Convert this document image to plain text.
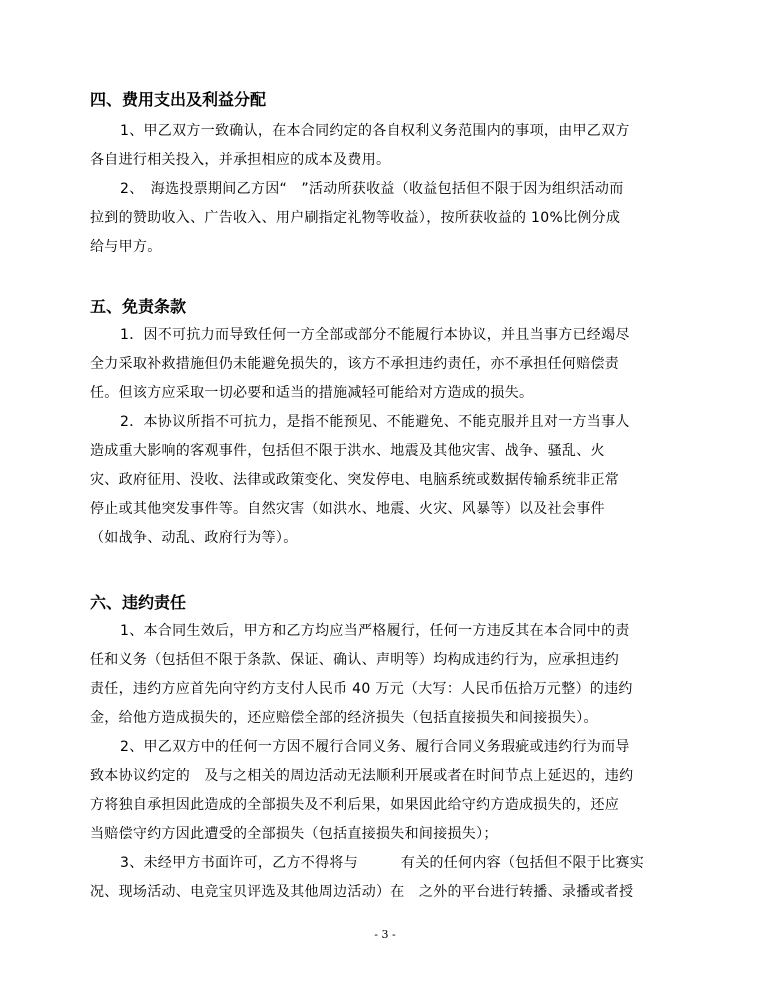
四、费用支出及利益分配
1、甲乙双方一致确认，在本合同约定的各自权利义务范围内的事项，由甲乙双方
各自进行相关投入，并承担相应的成本及费用。
2、　海选投票期间乙方因“　”活动所获收益（收益包括但不限于因为组织活动而
拉到的赞助收入、广告收入、用户刷指定礼物等收益），按所获收益的 10%比例分成
给与甲方。
五、免责条款
1．因不可抗力而导致任何一方全部或部分不能履行本协议，并且当事方已经竭尽
全力采取补救措施但仍未能避免损失的，该方不承担违约责任，亦不承担任何赔偿责
任。但该方应采取一切必要和适当的措施减轻可能给对方造成的损失。
2．本协议所指不可抗力，是指不能预见、不能避免、不能克服并且对一方当事人
造成重大影响的客观事件，包括但不限于洪水、地震及其他灾害、战争、骚乱、火
灾、政府征用、没收、法律或政策变化、突发停电、电脑系统或数据传输系统非正常
停止或其他突发事件等。自然灾害（如洪水、地震、火灾、风暴等）以及社会事件
（如战争、动乱、政府行为等）。
六、违约责任
1、本合同生效后，甲方和乙方均应当严格履行，任何一方违反其在本合同中的责
任和义务（包括但不限于条款、保证、确认、声明等）均构成违约行为，应承担违约
责任，违约方应首先向守约方支付人民币 40 万元（大写：人民币伍拾万元整）的违约
金，给他方造成损失的，还应赔偿全部的经济损失（包括直接损失和间接损失）。
2、甲乙双方中的任何一方因不履行合同义务、履行合同义务瑕疵或违约行为而导
致本协议约定的　及与之相关的周边活动无法顺利开展或者在时间节点上延迟的，违约
方将独自承担因此造成的全部损失及不利后果，如果因此给守约方造成损失的，还应
当赔偿守约方因此遭受的全部损失（包括直接损失和间接损失）；
3、未经甲方书面许可，乙方不得将与　　　有关的任何内容（包括但不限于比赛实
况、现场活动、电竞宝贝评选及其他周边活动）在　之外的平台进行转播、录播或者授
- 3 -
